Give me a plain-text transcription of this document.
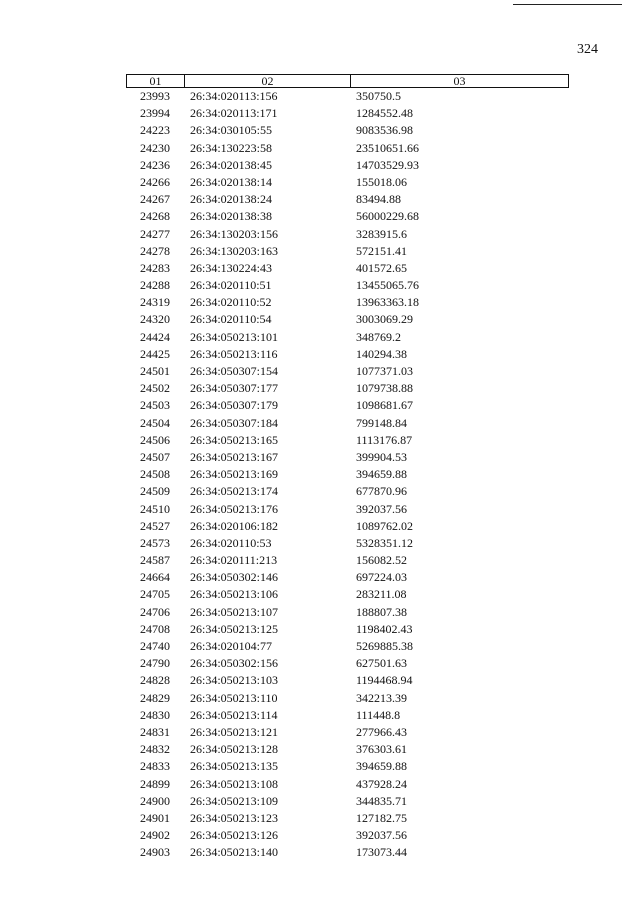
324
01	02	03
23993	26:34:020113:156	350750.5
23994	26:34:020113:171	1284552.48
24223	26:34:030105:55	9083536.98
24230	26:34:130223:58	23510651.66
24236	26:34:020138:45	14703529.93
24266	26:34:020138:14	155018.06
24267	26:34:020138:24	83494.88
24268	26:34:020138:38	56000229.68
24277	26:34:130203:156	3283915.6
24278	26:34:130203:163	572151.41
24283	26:34:130224:43	401572.65
24288	26:34:020110:51	13455065.76
24319	26:34:020110:52	13963363.18
24320	26:34:020110:54	3003069.29
24424	26:34:050213:101	348769.2
24425	26:34:050213:116	140294.38
24501	26:34:050307:154	1077371.03
24502	26:34:050307:177	1079738.88
24503	26:34:050307:179	1098681.67
24504	26:34:050307:184	799148.84
24506	26:34:050213:165	1113176.87
24507	26:34:050213:167	399904.53
24508	26:34:050213:169	394659.88
24509	26:34:050213:174	677870.96
24510	26:34:050213:176	392037.56
24527	26:34:020106:182	1089762.02
24573	26:34:020110:53	5328351.12
24587	26:34:020111:213	156082.52
24664	26:34:050302:146	697224.03
24705	26:34:050213:106	283211.08
24706	26:34:050213:107	188807.38
24708	26:34:050213:125	1198402.43
24740	26:34:020104:77	5269885.38
24790	26:34:050302:156	627501.63
24828	26:34:050213:103	1194468.94
24829	26:34:050213:110	342213.39
24830	26:34:050213:114	111448.8
24831	26:34:050213:121	277966.43
24832	26:34:050213:128	376303.61
24833	26:34:050213:135	394659.88
24899	26:34:050213:108	437928.24
24900	26:34:050213:109	344835.71
24901	26:34:050213:123	127182.75
24902	26:34:050213:126	392037.56
24903	26:34:050213:140	173073.44
